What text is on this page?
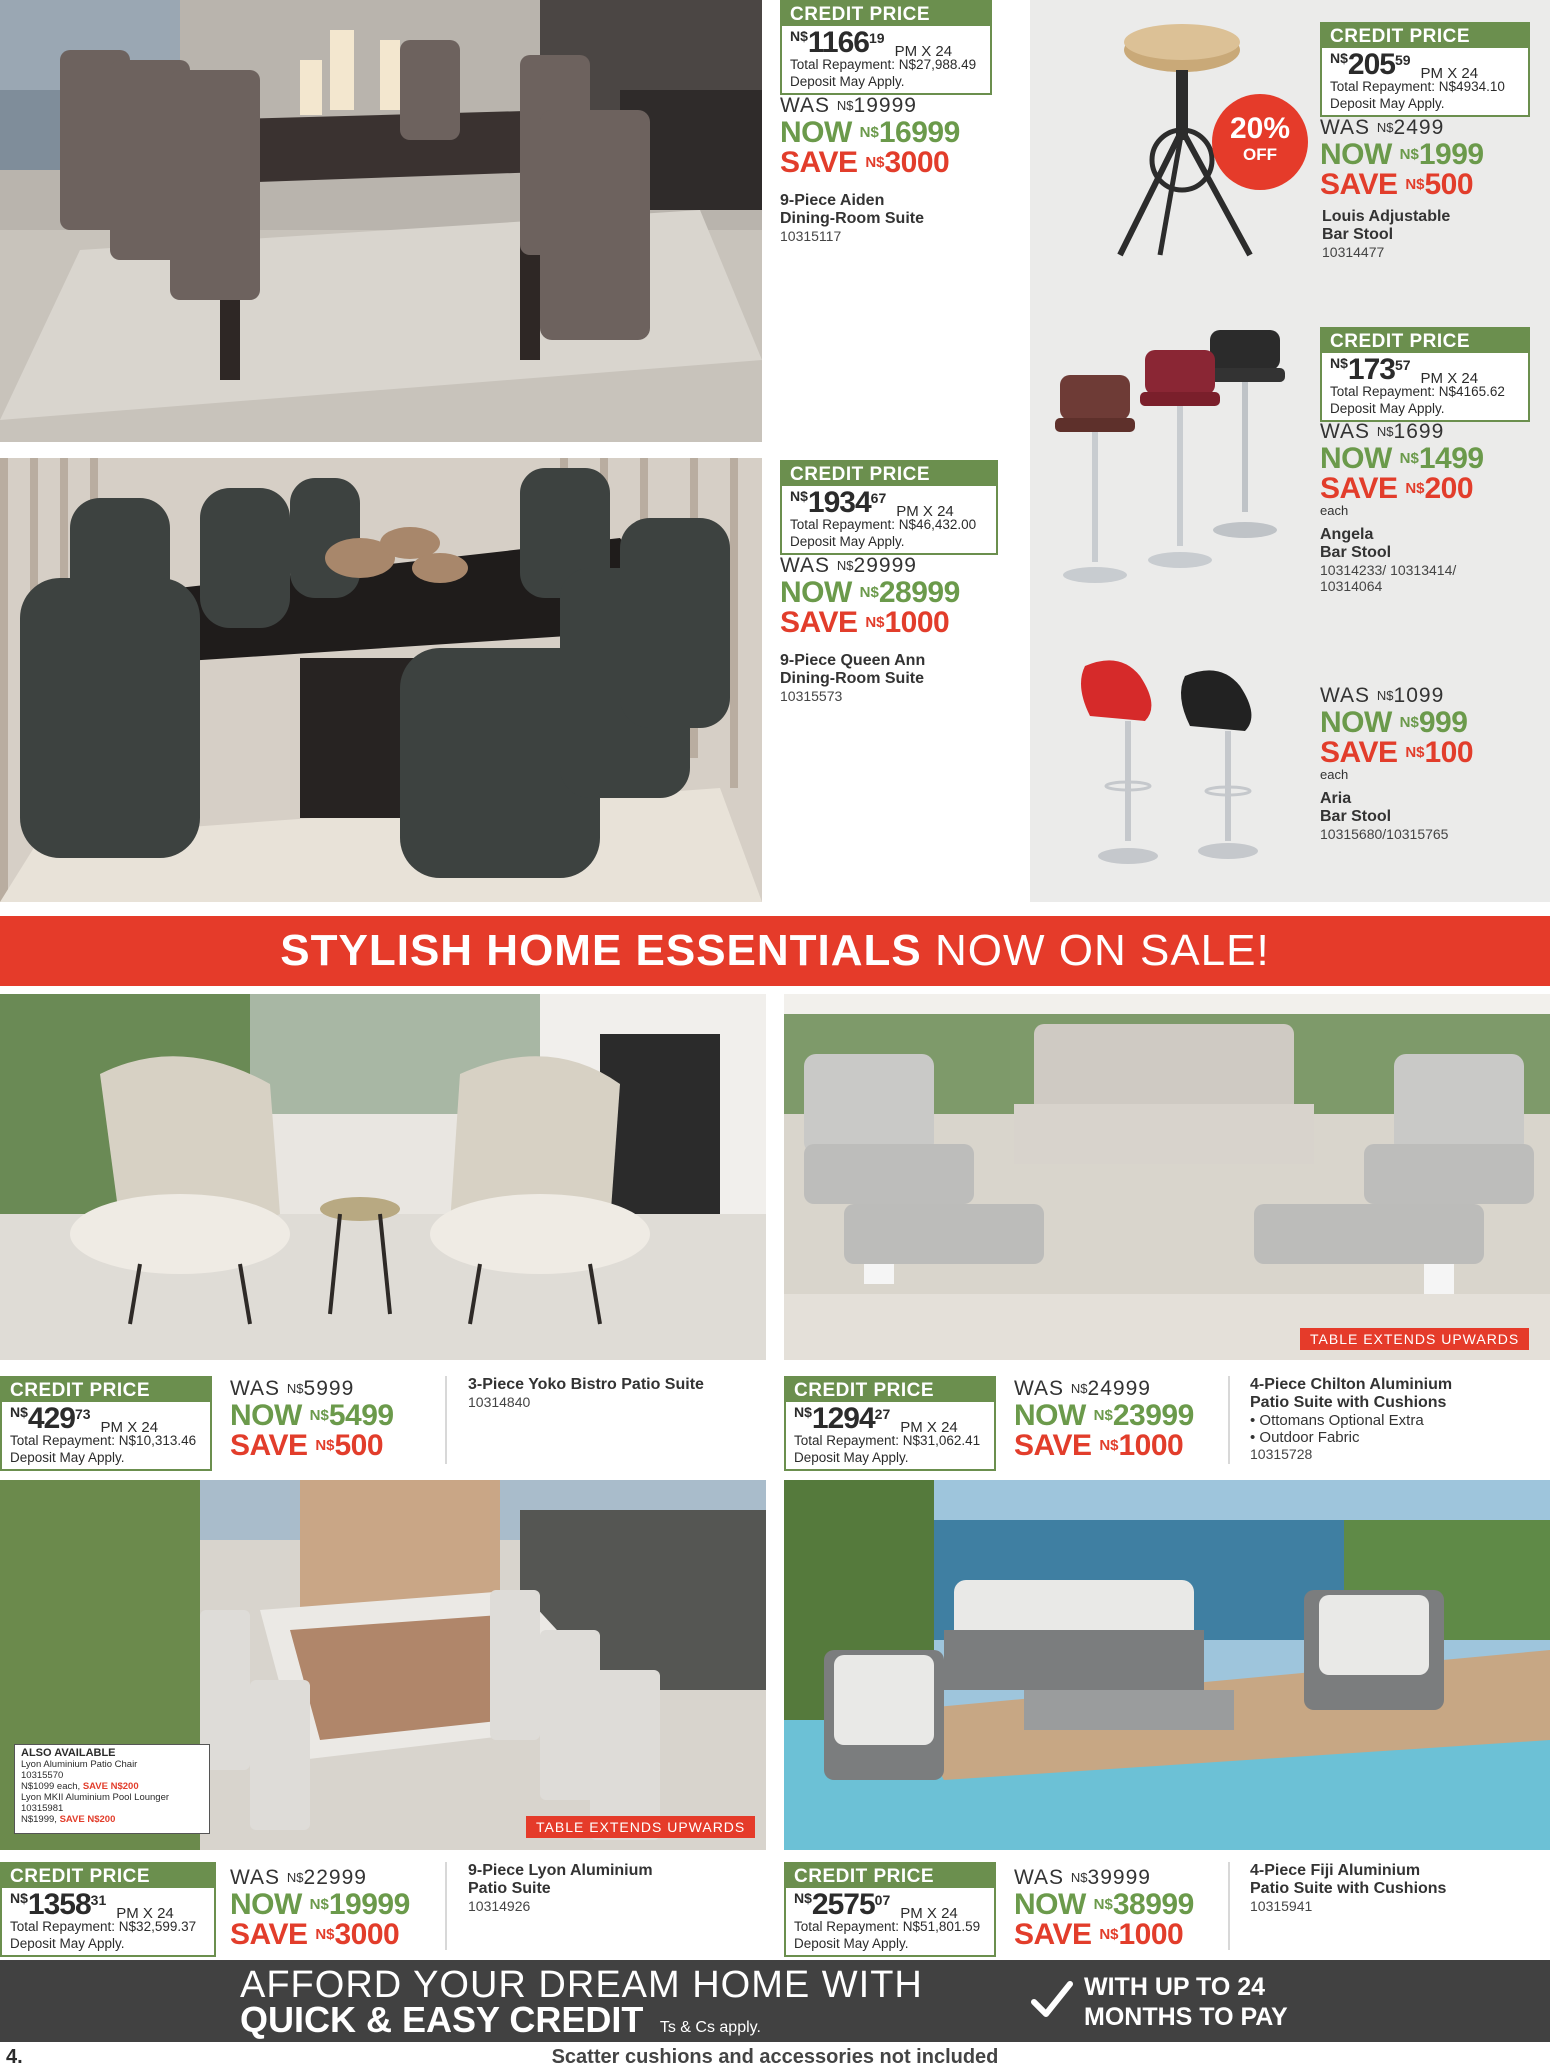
CREDIT PRICE
N$116619PM X 24
Total Repayment: N$27,988.49
Deposit May Apply.
WAS $^{N\$}$19999
NOW $^{N\$}$16999
SAVE $^{N\$}$3000
9-Piece Aiden
Dining-Room Suite
10315117
CREDIT PRICE
N$193467PM X 24
Total Repayment: N$46,432.00
Deposit May Apply.
WAS $^{N\$}$29999
NOW $^{N\$}$28999
SAVE $^{N\$}$1000
9-Piece Queen Ann
Dining-Room Suite
10315573
20%
OFF
CREDIT PRICE
N$20559PM X 24
Total Repayment: N$4934.10
Deposit May Apply.
WAS $^{N\$}$2499
NOW $^{N\$}$1999
SAVE $^{N\$}$500
Louis Adjustable
Bar Stool
10314477
CREDIT PRICE
N$17357PM X 24
Total Repayment: N$4165.62
Deposit May Apply.
WAS $^{N\$}$1699
NOW $^{N\$}$1499
SAVE $^{N\$}$200
each
Angela
Bar Stool
10314233/ 10313414/
10314064
WAS $^{N\$}$1099
NOW $^{N\$}$999
SAVE $^{N\$}$100
each
Aria
Bar Stool
10315680/10315765
STYLISH HOME ESSENTIALS NOW ON SALE!
TABLE EXTENDS UPWARDS
CREDIT PRICE
N$42973PM X 24
Total Repayment: N$10,313.46
Deposit May Apply.
WAS $^{N\$}$5999
NOW $^{N\$}$5499
SAVE $^{N\$}$500
3-Piece Yoko Bistro Patio Suite
10314840
CREDIT PRICE
N$129427PM X 24
Total Repayment: N$31,062.41
Deposit May Apply.
WAS $^{N\$}$24999
NOW $^{N\$}$23999
SAVE $^{N\$}$1000
4-Piece Chilton Aluminium
Patio Suite with Cushions
• Ottomans Optional Extra
• Outdoor Fabric
10315728
ALSO AVAILABLE
Lyon Aluminium Patio Chair
10315570
N$1099 each, SAVE N$200
Lyon MKII Aluminium Pool Lounger
10315981
N$1999, SAVE N$200	TABLE EXTENDS UPWARDS
CREDIT PRICE
N$135831PM X 24
Total Repayment: N$32,599.37
Deposit May Apply.
WAS $^{N\$}$22999
NOW $^{N\$}$19999
SAVE $^{N\$}$3000
9-Piece Lyon Aluminium
Patio Suite
10314926
CREDIT PRICE
N$257507PM X 24
Total Repayment: N$51,801.59
Deposit May Apply.
WAS $^{N\$}$39999
NOW $^{N\$}$38999
SAVE $^{N\$}$1000
4-Piece Fiji Aluminium
Patio Suite with Cushions
10315941
AFFORD YOUR DREAM HOME WITH
QUICK & EASY CREDIT Ts & Cs apply.
WITH UP TO 24
MONTHS TO PAY
4.	Scatter cushions and accessories not included
